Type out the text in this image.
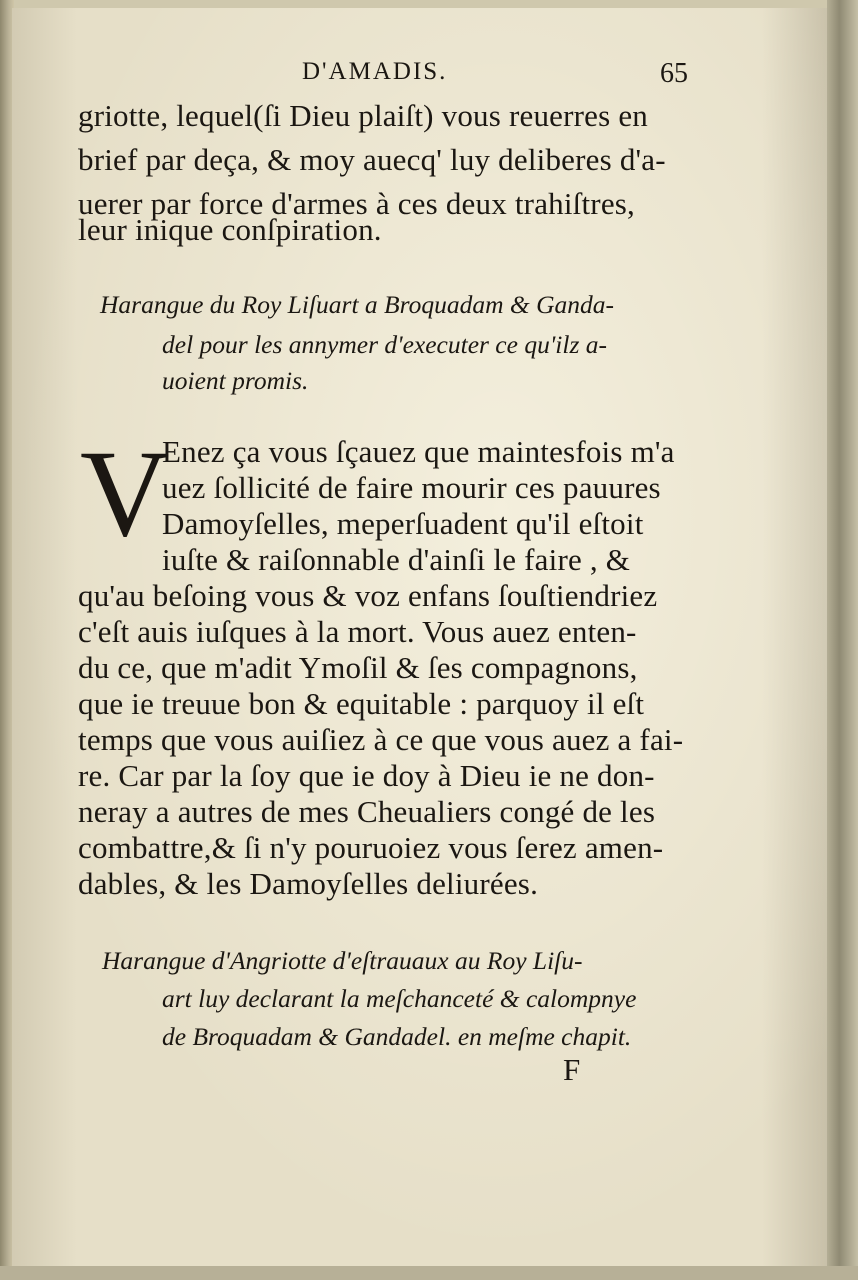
D'AMADIS.	65
griotte, lequel(ſi Dieu plaiſt) vous reuerres en
brief par deça, & moy auecq' luy deliberes d'a-
uerer par force d'armes à ces deux trahiſtres,
leur inique conſpiration.
Harangue du Roy Liſuart a Broquadam & Ganda-
del pour les annymer d'executer ce qu'ilz a-
uoient promis.
V
Enez ça vous ſçauez que maintesfois m'a
uez ſollicité de faire mourir ces pauures
Damoyſelles, meperſuadent qu'il eſtoit
iuſte & raiſonnable d'ainſi le faire , &
qu'au beſoing vous & voz enfans ſouſtiendriez
c'eſt auis iuſques à la mort. Vous auez enten-
du ce, que m'adit Ymoſil & ſes compagnons,
que ie treuue bon & equitable : parquoy il eſt
temps que vous auiſiez à ce que vous auez a fai-
re. Car par la ſoy que ie doy à Dieu ie ne don-
neray a autres de mes Cheualiers congé de les
combattre,& ſi n'y pouruoiez vous ſerez amen-
dables, & les Damoyſelles deliurées.
Harangue d'Angriotte d'eſtrauaux au Roy Liſu-
art luy declarant la meſchanceté & calompnye
de Broquadam & Gandadel. en meſme chapit.
F
